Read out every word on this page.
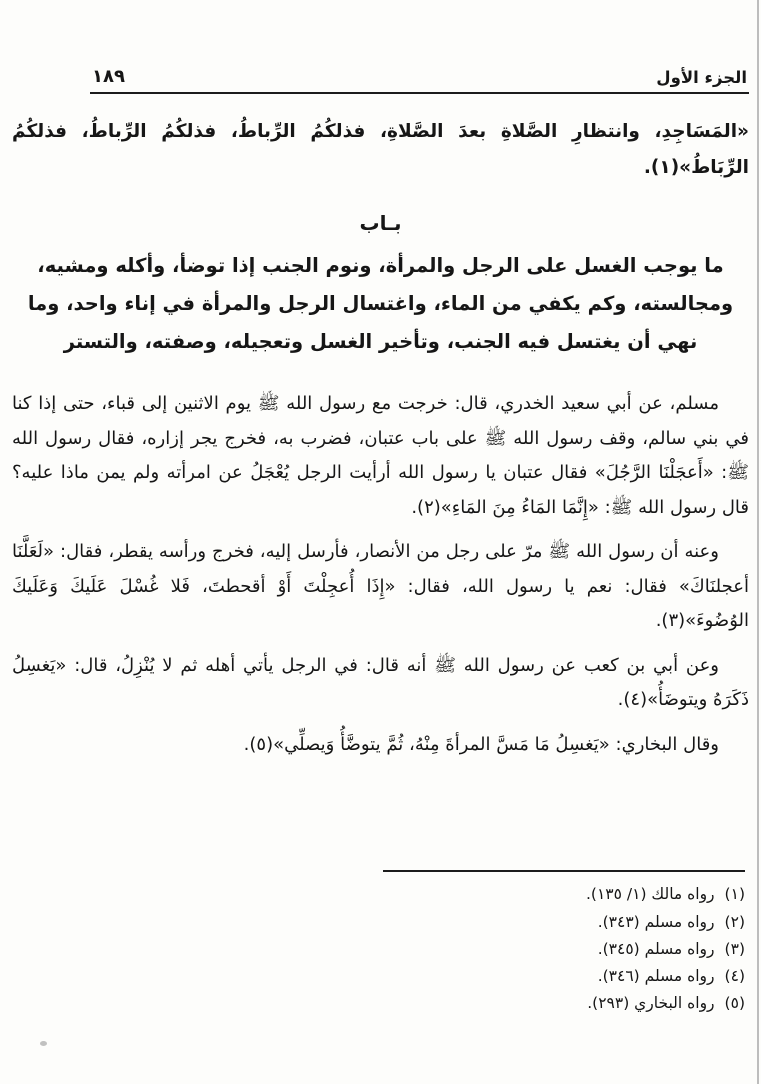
الجزء الأول
١٨٩

«المَسَاجِدِ، وانتظارِ الصَّلاةِ بعدَ الصَّلاةِ، فذلكُمُ الرِّباطُ، فذلكُمُ الرِّباطُ، فذلكُمُ الرِّبَاطُ»(١).

بـاب
ما يوجب الغسل على الرجل والمرأة، ونوم الجنب إذا توضأ، وأكله ومشيه، ومجالسته، وكم يكفي من الماء، واغتسال الرجل والمرأة في إناء واحد، وما نهي أن يغتسل فيه الجنب، وتأخير الغسل وتعجيله، وصفته، والتستر

مسلم، عن أبي سعيد الخدري، قال: خرجت مع رسول الله ﷺ يوم الاثنين إلى قباء، حتى إذا كنا في بني سالم، وقف رسول الله ﷺ على باب عتبان، فضرب به، فخرج يجر إزاره، فقال رسول الله ﷺ: «أَعجَلْنَا الرَّجُلَ» فقال عتبان يا رسول الله أرأيت الرجل يُعْجَلُ عن امرأته ولم يمن ماذا عليه؟ قال رسول الله ﷺ: «إِنَّمَا المَاءُ مِنَ المَاءِ»(٢).

وعنه أن رسول الله ﷺ مرّ على رجل من الأنصار، فأرسل إليه، فخرج ورأسه يقطر، فقال: «لَعَلَّنَا أعجلنَاكَ» فقال: نعم يا رسول الله، فقال: «إِذَا أُعجِلْتَ أَوْ أقحطتَ، فَلا غُسْلَ عَلَيكَ وَعَلَيكَ الوُضُوءَ»(٣).

وعن أبي بن كعب عن رسول الله ﷺ أنه قال: في الرجل يأتي أهله ثم لا يُنْزِلُ، قال: «يَغسِلُ ذَكَرَهُ ويتوضَأُ»(٤).

وقال البخاري: «يَغسِلُ مَا مَسَّ المرأةَ مِنْهُ، ثُمَّ يتوضَّأُ وَيصلِّي»(٥).

(١)
رواه مالك (١/ ١٣٥).
(٢)
رواه مسلم (٣٤٣).
(٣)
رواه مسلم (٣٤٥).
(٤)
رواه مسلم (٣٤٦).
(٥)
رواه البخاري (٢٩٣).
